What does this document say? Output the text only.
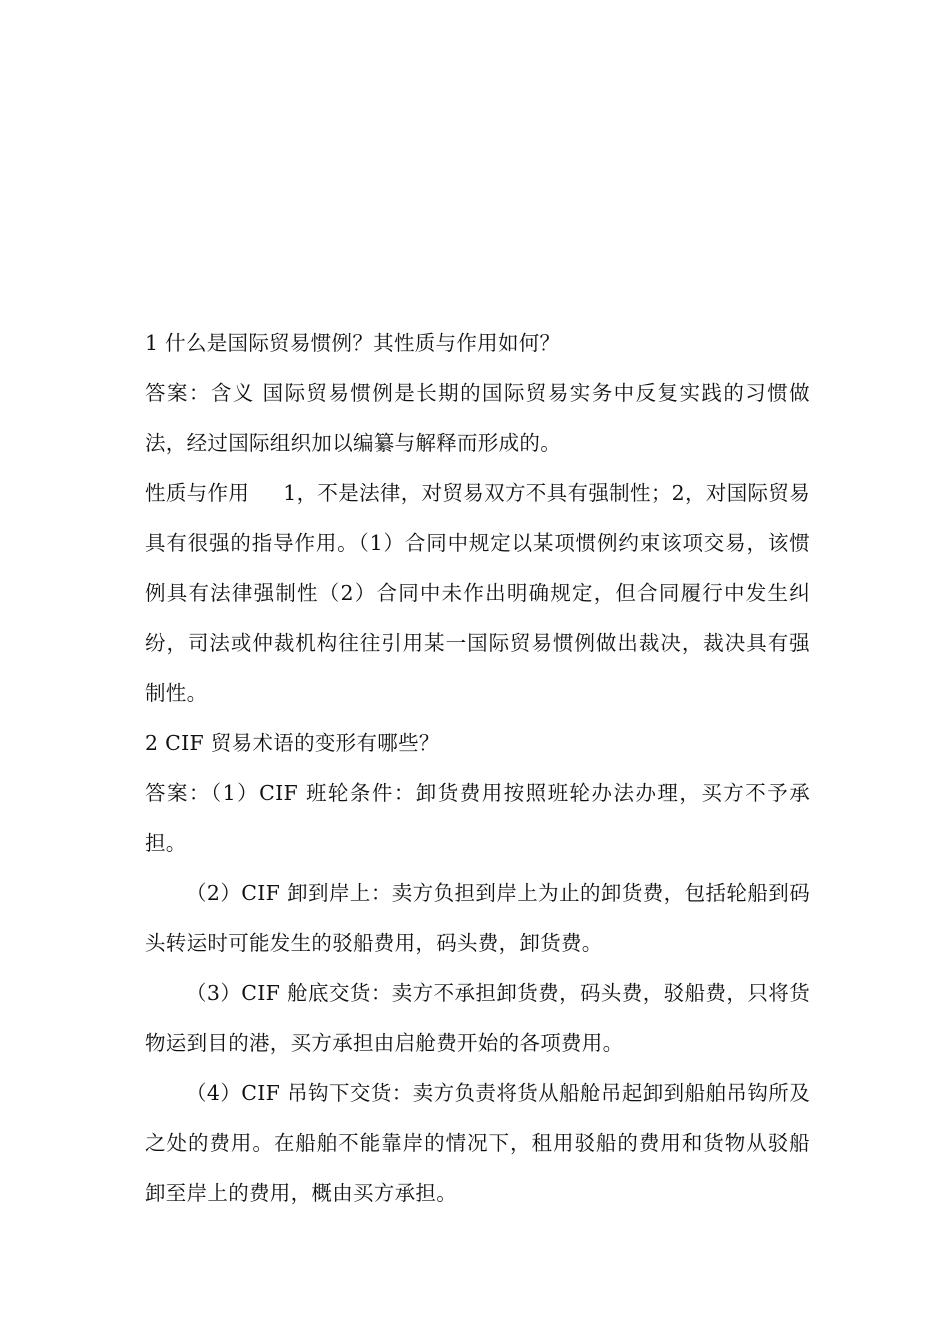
1 什么是国际贸易惯例？其性质与作用如何？

答案：含义 国际贸易惯例是长期的国际贸易实务中反复实践的习惯做法，经过国际组织加以编纂与解释而形成的。

性质与作用 1，不是法律，对贸易双方不具有强制性；2，对国际贸易具有很强的指导作用。（1）合同中规定以某项惯例约束该项交易，该惯例具有法律强制性（2）合同中未作出明确规定，但合同履行中发生纠纷，司法或仲裁机构往往引用某一国际贸易惯例做出裁决，裁决具有强制性。

2 CIF 贸易术语的变形有哪些？

答案：（1）CIF 班轮条件：卸货费用按照班轮办法办理，买方不予承担。

（2）CIF 卸到岸上：卖方负担到岸上为止的卸货费，包括轮船到码头转运时可能发生的驳船费用，码头费，卸货费。

（3）CIF 舱底交货：卖方不承担卸货费，码头费，驳船费，只将货物运到目的港，买方承担由启舱费开始的各项费用。

（4）CIF 吊钩下交货：卖方负责将货从船舱吊起卸到船舶吊钩所及之处的费用。在船舶不能靠岸的情况下，租用驳船的费用和货物从驳船卸至岸上的费用，概由买方承担。
